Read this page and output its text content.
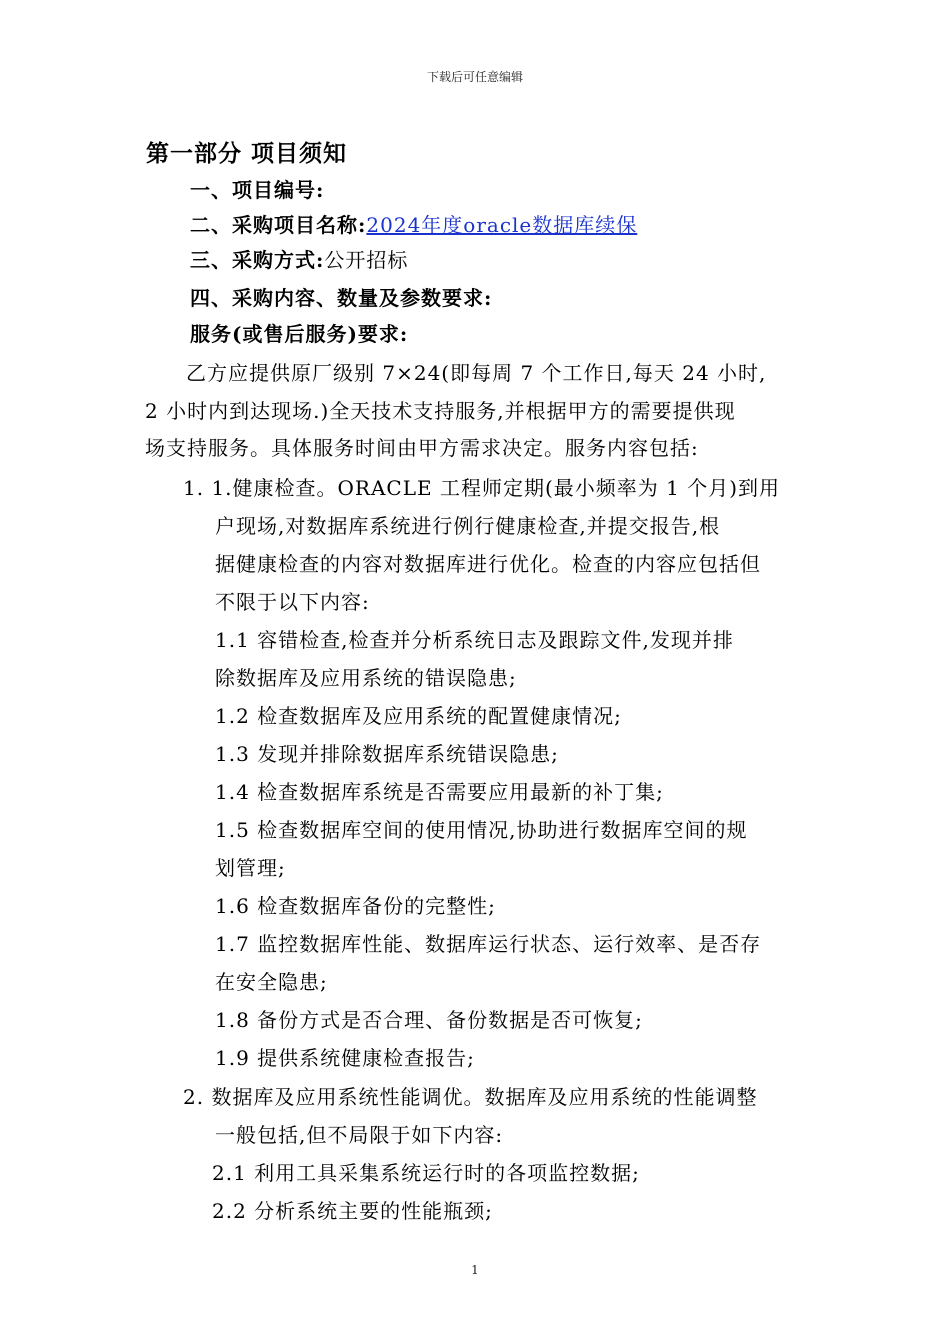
下载后可任意编辑
第一部分 项目须知
一、项目编号:
二、采购项目名称:2024年度oracle数据库续保
三、采购方式:公开招标
四、采购内容、数量及参数要求:
服务(或售后服务)要求:
乙方应提供原厂级别 7×24(即每周 7 个工作日,每天 24 小时,
2 小时内到达现场.)全天技术支持服务,并根据甲方的需要提供现
场支持服务。具体服务时间由甲方需求决定。服务内容包括:
1. 1.健康检查。ORACLE 工程师定期(最小频率为 1 个月)到用
户现场,对数据库系统进行例行健康检查,并提交报告,根
据健康检查的内容对数据库进行优化。检查的内容应包括但
不限于以下内容:
1.1 容错检查,检查并分析系统日志及跟踪文件,发现并排
除数据库及应用系统的错误隐患;
1.2 检查数据库及应用系统的配置健康情况;
1.3 发现并排除数据库系统错误隐患;
1.4 检查数据库系统是否需要应用最新的补丁集;
1.5 检查数据库空间的使用情况,协助进行数据库空间的规
划管理;
1.6 检查数据库备份的完整性;
1.7 监控数据库性能、数据库运行状态、运行效率、是否存
在安全隐患;
1.8 备份方式是否合理、备份数据是否可恢复;
1.9 提供系统健康检查报告;
2. 数据库及应用系统性能调优。数据库及应用系统的性能调整
一般包括,但不局限于如下内容:
2.1 利用工具采集系统运行时的各项监控数据;
2.2 分析系统主要的性能瓶颈;
1
